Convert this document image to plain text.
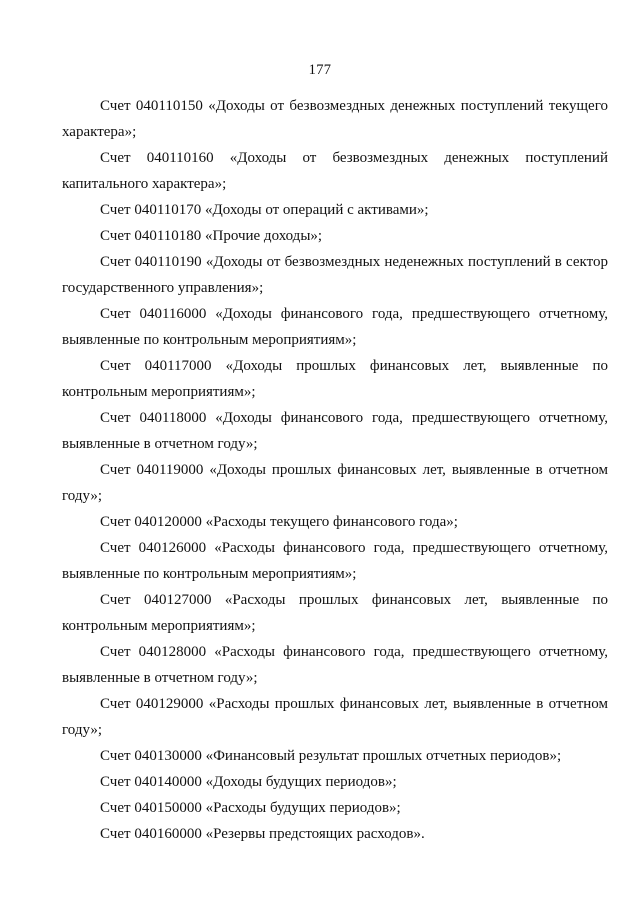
177

Счет 040110150 «Доходы от безвозмездных денежных поступлений текущего характера»;

Счет 040110160 «Доходы от безвозмездных денежных поступлений капитального характера»;

Счет 040110170 «Доходы от операций с активами»;

Счет 040110180 «Прочие доходы»;

Счет 040110190 «Доходы от безвозмездных неденежных поступлений в сектор государственного управления»;

Счет 040116000 «Доходы финансового года, предшествующего отчетному, выявленные по контрольным мероприятиям»;

Счет 040117000 «Доходы прошлых финансовых лет, выявленные по контрольным мероприятиям»;

Счет 040118000 «Доходы финансового года, предшествующего отчетному, выявленные в отчетном году»;

Счет 040119000 «Доходы прошлых финансовых лет, выявленные в отчетном году»;

Счет 040120000 «Расходы текущего финансового года»;

Счет 040126000 «Расходы финансового года, предшествующего отчетному, выявленные по контрольным мероприятиям»;

Счет 040127000 «Расходы прошлых финансовых лет, выявленные по контрольным мероприятиям»;

Счет 040128000 «Расходы финансового года, предшествующего отчетному, выявленные в отчетном году»;

Счет 040129000 «Расходы прошлых финансовых лет, выявленные в отчетном году»;

Счет 040130000 «Финансовый результат прошлых отчетных периодов»;

Счет 040140000 «Доходы будущих периодов»;

Счет 040150000 «Расходы будущих периодов»;

Счет 040160000 «Резервы предстоящих расходов».
